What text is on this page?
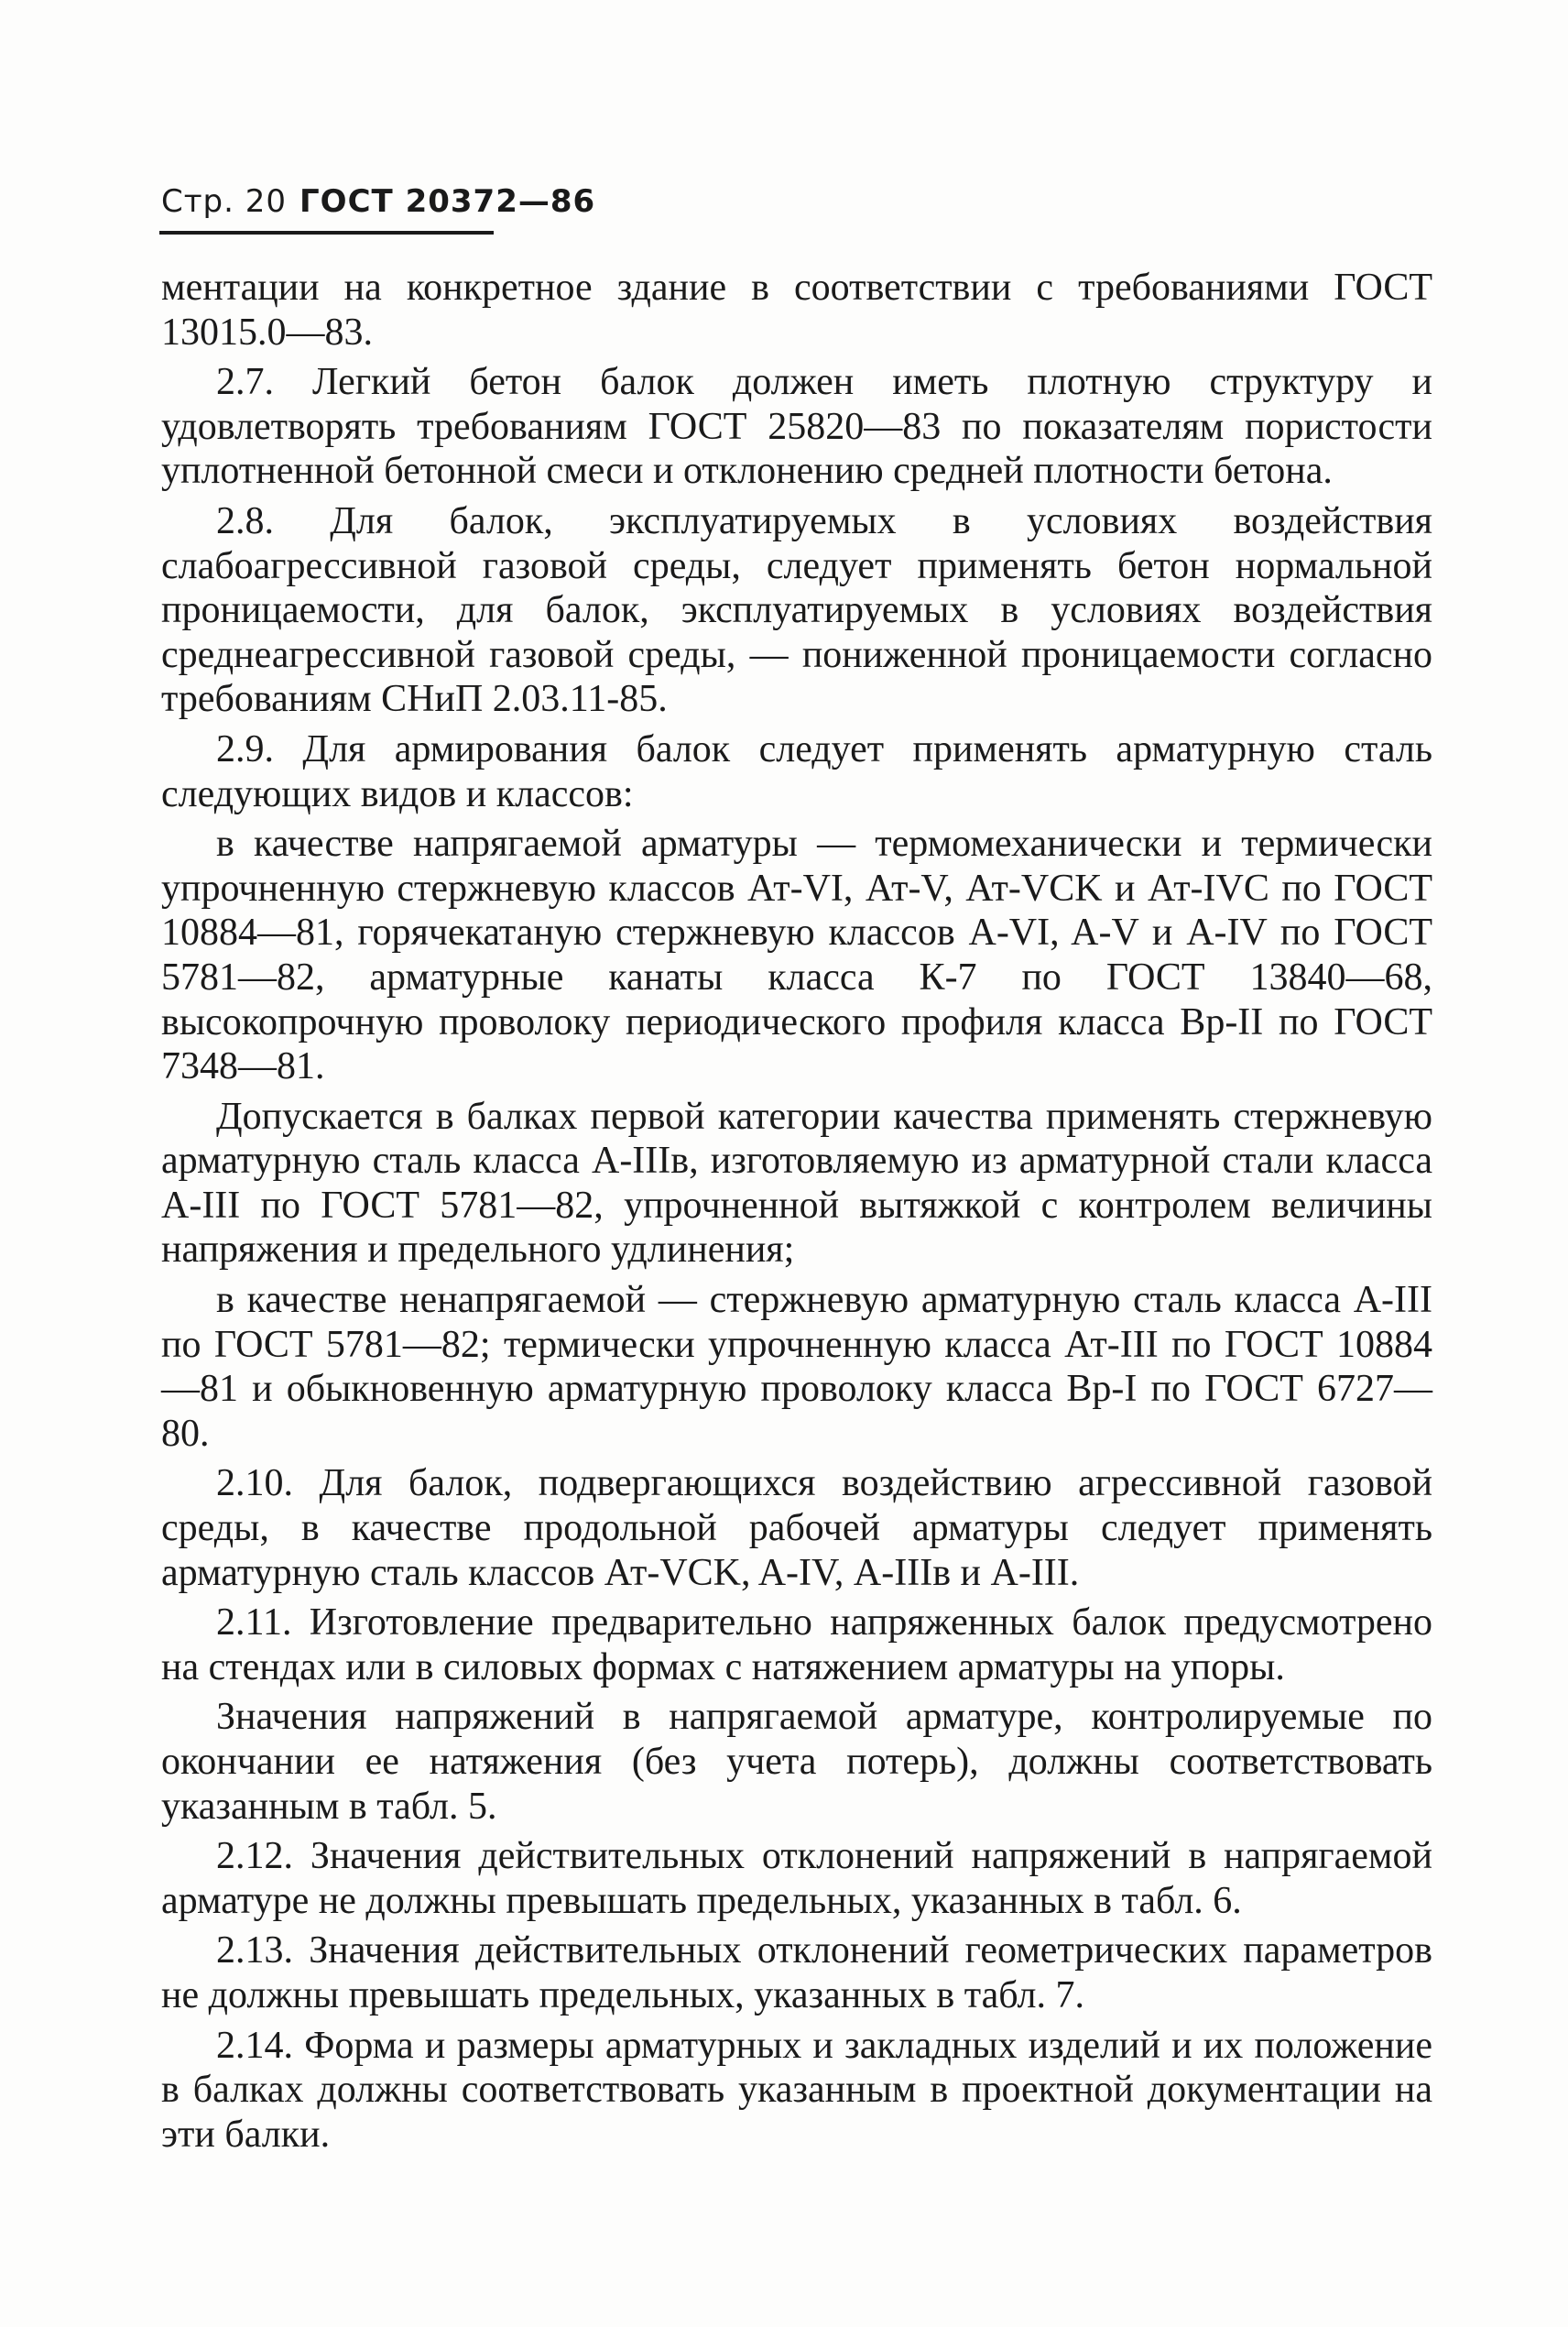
Стр. 20 ГОСТ 20372—86

ментации на конкретное здание в соответствии с требованиями ГОСТ 13015.0—83.

2.7. Легкий бетон балок должен иметь плотную структуру и удовлетворять требованиям ГОСТ 25820—83 по показателям пористости уплотненной бетонной смеси и отклонению средней плотности бетона.

2.8. Для балок, эксплуатируемых в условиях воздействия слабоагрессивной газовой среды, следует применять бетон нормальной проницаемости, для балок, эксплуатируемых в условиях воздействия среднеагрессивной газовой среды, — пониженной проницаемости согласно требованиям СНиП 2.03.11-85.

2.9. Для армирования балок следует применять арматурную сталь следующих видов и классов:

в качестве напрягаемой арматуры — термомеханически и термически упрочненную стержневую классов Ат-VI, Ат-V, Ат-VCK и Ат-IVC по ГОСТ 10884—81, горячекатаную стержневую классов A-VI, A-V и A-IV по ГОСТ 5781—82, арматурные канаты класса К-7 по ГОСТ 13840—68, высокопрочную проволоку периодического профиля класса Вр-II по ГОСТ 7348—81.

Допускается в балках первой категории качества применять стержневую арматурную сталь класса А-IIIв, изготовляемую из арматурной стали класса А-III по ГОСТ 5781—82, упрочненной вытяжкой с контролем величины напряжения и предельного удлинения;

в качестве ненапрягаемой — стержневую арматурную сталь класса А-III по ГОСТ 5781—82; термически упрочненную класса Ат-III по ГОСТ 10884—81 и обыкновенную арматурную проволоку класса Вр-I по ГОСТ 6727—80.

2.10. Для балок, подвергающихся воздействию агрессивной газовой среды, в качестве продольной рабочей арматуры следует применять арматурную сталь классов Ат-VCK, A-IV, А-IIIв и А-III.

2.11. Изготовление предварительно напряженных балок предусмотрено на стендах или в силовых формах с натяжением арматуры на упоры.

Значения напряжений в напрягаемой арматуре, контролируемые по окончании ее натяжения (без учета потерь), должны соответствовать указанным в табл. 5.

2.12. Значения действительных отклонений напряжений в напрягаемой арматуре не должны превышать предельных, указанных в табл. 6.

2.13. Значения действительных отклонений геометрических параметров не должны превышать предельных, указанных в табл. 7.

2.14. Форма и размеры арматурных и закладных изделий и их положение в балках должны соответствовать указанным в проектной документации на эти балки.
